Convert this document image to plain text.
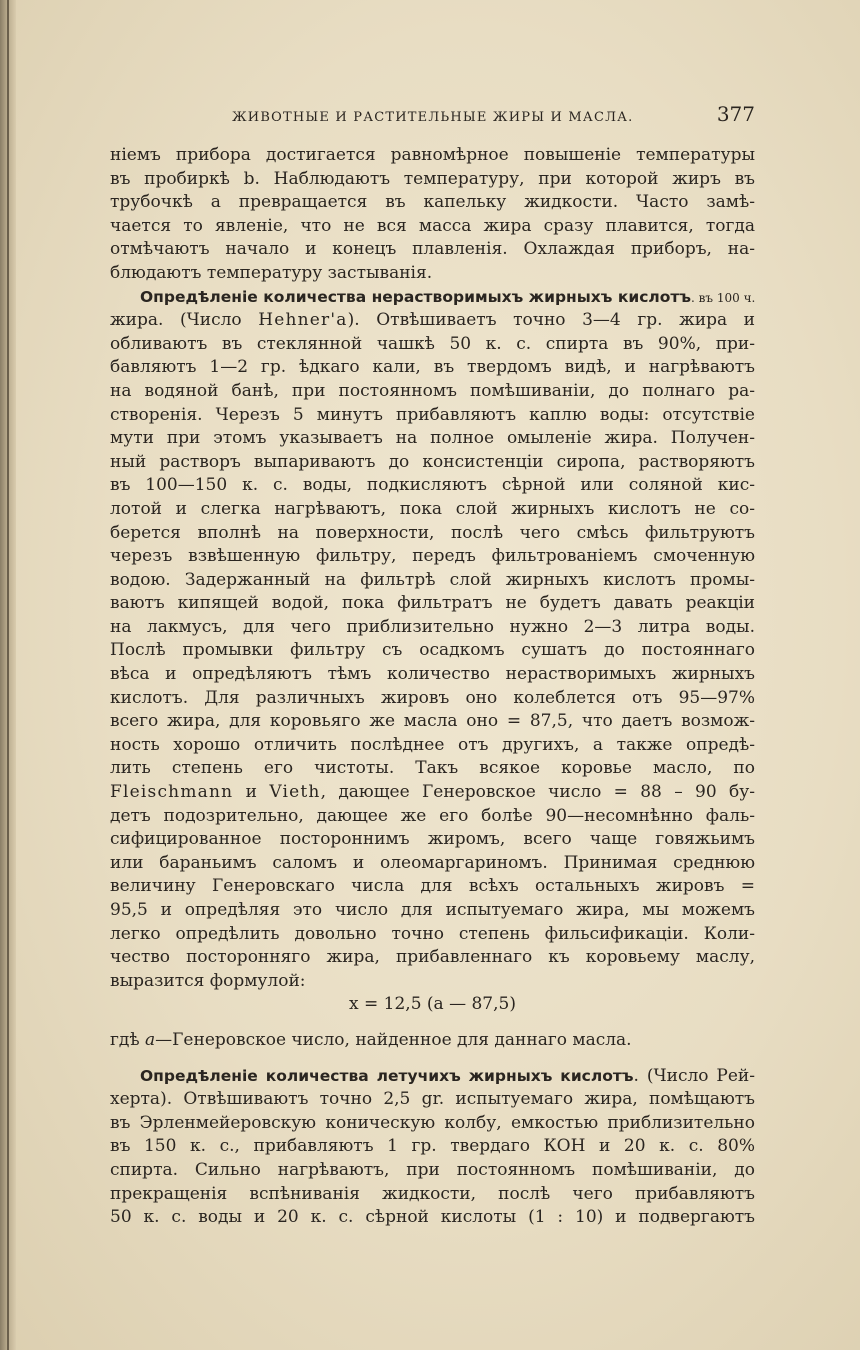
ЖИВОТНЫЕ И РАСТИТЕЛЬНЫЕ ЖИРЫ И МАСЛА.	377
ніемъ прибора достигается равномѣрное повышеніе температуры
въ пробиркѣ b. Наблюдаютъ температуру, при которой жиръ въ
трубочкѣ а превращается въ капельку жидкости. Часто замѣ-
чается то явленіе, что не вся масса жира сразу плавится, тогда
отмѣчаютъ начало и конецъ плавленія. Охлаждая приборъ, на-
блюдаютъ температуру застыванія.
Опредѣленіе количества нерастворимыхъ жирныхъ кислотъ. въ 100 ч.
жира. (Число Hehner'a). Отвѣшиваетъ точно 3—4 гр. жира и
обливаютъ въ стеклянной чашкѣ 50 к. с. спирта въ 90%, при-
бавляютъ 1—2 гр. ѣдкаго кали, въ твердомъ видѣ, и нагрѣваютъ
на водяной банѣ, при постоянномъ помѣшиваніи, до полнаго ра-
створенія. Черезъ 5 минутъ прибавляютъ каплю воды: отсутствіе
мути при этомъ указываетъ на полное омыленіе жира. Получен-
ный растворъ выпариваютъ до консистенціи сиропа, растворяютъ
въ 100—150 к. с. воды, подкисляютъ сѣрной или соляной кис-
лотой и слегка нагрѣваютъ, пока слой жирныхъ кислотъ не со-
берется вполнѣ на поверхности, послѣ чего смѣсь фильтруютъ
черезъ взвѣшенную фильтру, передъ фильтрованіемъ смоченную
водою. Задержанный на фильтрѣ слой жирныхъ кислотъ промы-
ваютъ кипящей водой, пока фильтратъ не будетъ давать реакціи
на лакмусъ, для чего приблизительно нужно 2—3 литра воды.
Послѣ промывки фильтру съ осадкомъ сушатъ до постояннаго
вѣса и опредѣляютъ тѣмъ количество нерастворимыхъ жирныхъ
кислотъ. Для различныхъ жировъ оно колеблется отъ 95—97%
всего жира, для коровьяго же масла оно = 87,5, что даетъ возмож-
ность хорошо отличить послѣднее отъ другихъ, а также опредѣ-
лить степень его чистоты. Такъ всякое коровье масло, по
Fleischmann и Vieth, дающее Генеровское число = 88 – 90 бу-
детъ подозрительно, дающее же его болѣе 90—несомнѣнно фаль-
сифицированное постороннимъ жиромъ, всего чаще говяжьимъ
или бараньимъ саломъ и олеомаргариномъ. Принимая среднюю
величину Генеровскаго числа для всѣхъ остальныхъ жировъ =
95,5 и опредѣляя это число для испытуемаго жира, мы можемъ
легко опредѣлить довольно точно степень фильсификаціи. Коли-
чество посторонняго жира, прибавленнаго къ коровьему маслу,
выразится формулой:
x = 12,5 (a — 87,5)
гдѣ a—Генеровское число, найденное для даннаго масла.
Опредѣленіе количества летучихъ жирныхъ кислотъ. (Число Рей-
херта). Отвѣшиваютъ точно 2,5 gr. испытуемаго жира, помѣщаютъ
въ Эрленмейеровскую коническую колбу, емкостью приблизительно
въ 150 к. с., прибавляютъ 1 гр. твердаго КОН и 20 к. с. 80%
спирта. Сильно нагрѣваютъ, при постоянномъ помѣшиваніи, до
прекращенія вспѣниванія жидкости, послѣ чего прибавляютъ
50 к. с. воды и 20 к. с. сѣрной кислоты (1 : 10) и подвергаютъ
